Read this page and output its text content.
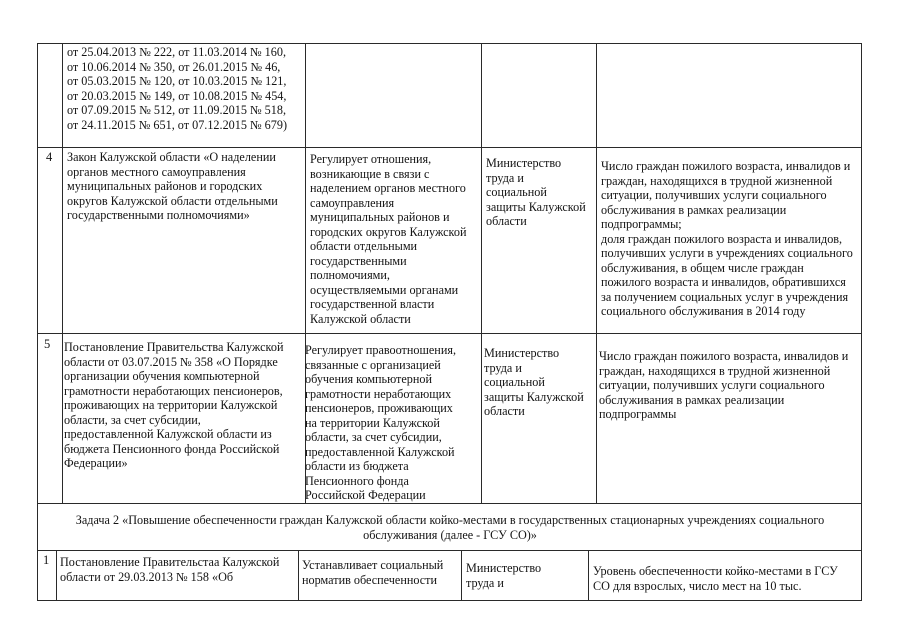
от 25.04.2013 № 222, от 11.03.2014 № 160,
от 10.06.2014 № 350, от 26.01.2015 № 46,
от 05.03.2015 № 120, от 10.03.2015 № 121,
от 20.03.2015 № 149, от 10.08.2015 № 454,
от 07.09.2015 № 512, от 11.09.2015 № 518,
от 24.11.2015 № 651, от 07.12.2015 № 679)
4 Закон Калужской области «О наделении
органов местного самоуправления
муниципальных районов и городских
округов Калужской области отдельными
государственными полномочиями»
Регулирует отношения,
возникающие в связи с
наделением органов местного
самоуправления
муниципальных районов и
городских округов Калужской
области отдельными
государственными
полномочиями,
осуществляемыми органами
государственной власти
Калужской области
Министерство
труда и
социальной
защиты Калужской
области
Число граждан пожилого возраста, инвалидов и
граждан, находящихся в трудной жизненной
ситуации, получивших услуги социального
обслуживания в рамках реализации
подпрограммы;
доля граждан пожилого возраста и инвалидов,
получивших услуги в учреждениях социального
обслуживания, в общем числе граждан
пожилого возраста и инвалидов, обратившихся
за получением социальных услуг в учреждения
социального обслуживания в 2014 году
5 Постановление Правительства Калужской
области от 03.07.2015 № 358 «О Порядке
организации обучения компьютерной
грамотности неработающих пенсионеров,
проживающих на территории Калужской
области, за счет субсидии,
предоставленной Калужской области из
бюджета Пенсионного фонда Российской
Федерации»
Регулирует правоотношения,
связанные с организацией
обучения компьютерной
грамотности неработающих
пенсионеров, проживающих
на территории Калужской
области, за счет субсидии,
предоставленной Калужской
области из бюджета
Пенсионного фонда
Российской Федерации
Министерство
труда и
социальной
защиты Калужской
области
Число граждан пожилого возраста, инвалидов и
граждан, находящихся в трудной жизненной
ситуации, получивших услуги социального
обслуживания в рамках реализации
подпрограммы
Задача 2 «Повышение обеспеченности граждан Калужской области койко-местами в государственных стационарных учреждениях социального
обслуживания (далее - ГСУ СО)»
1 Постановление Правительстаа Калужской
области от 29.03.2013 № 158 «Об
Устанавливает социальный
норматив обеспеченности
Министерство
труда и
Уровень обеспеченности койко-местами в ГСУ
СО для взрослых, число мест на 10 тыс.
